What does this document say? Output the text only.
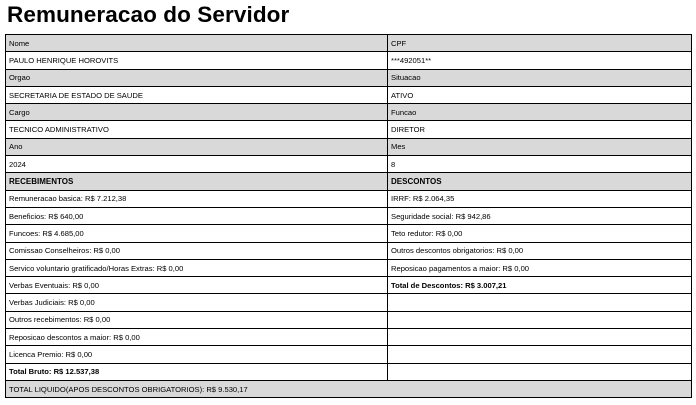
Remuneracao do Servidor
Nome	CPF
PAULO HENRIQUE HOROVITS	***492051**
Orgao	Situacao
SECRETARIA DE ESTADO DE SAUDE	ATIVO
Cargo	Funcao
TECNICO ADMINISTRATIVO	DIRETOR
Ano	Mes
2024	8
RECEBIMENTOS	DESCONTOS
Remuneracao basica: R$ 7.212,38	IRRF: R$ 2.064,35
Beneficios: R$ 640,00	Seguridade social: R$ 942,86
Funcoes: R$ 4.685,00	Teto redutor: R$ 0,00
Comissao Conselheiros: R$ 0,00	Outros descontos obrigatorios: R$ 0,00
Servico voluntario gratificado/Horas Extras: R$ 0,00	Reposicao pagamentos a maior: R$ 0,00
Verbas Eventuais: R$ 0,00	Total de Descontos: R$ 3.007,21
Verbas Judiciais: R$ 0,00	
Outros recebimentos: R$ 0,00	
Reposicao descontos a maior: R$ 0,00	
Licenca Premio: R$ 0,00	
Total Bruto: R$ 12.537,38	
TOTAL LIQUIDO(APOS DESCONTOS OBRIGATORIOS): R$ 9.530,17	
